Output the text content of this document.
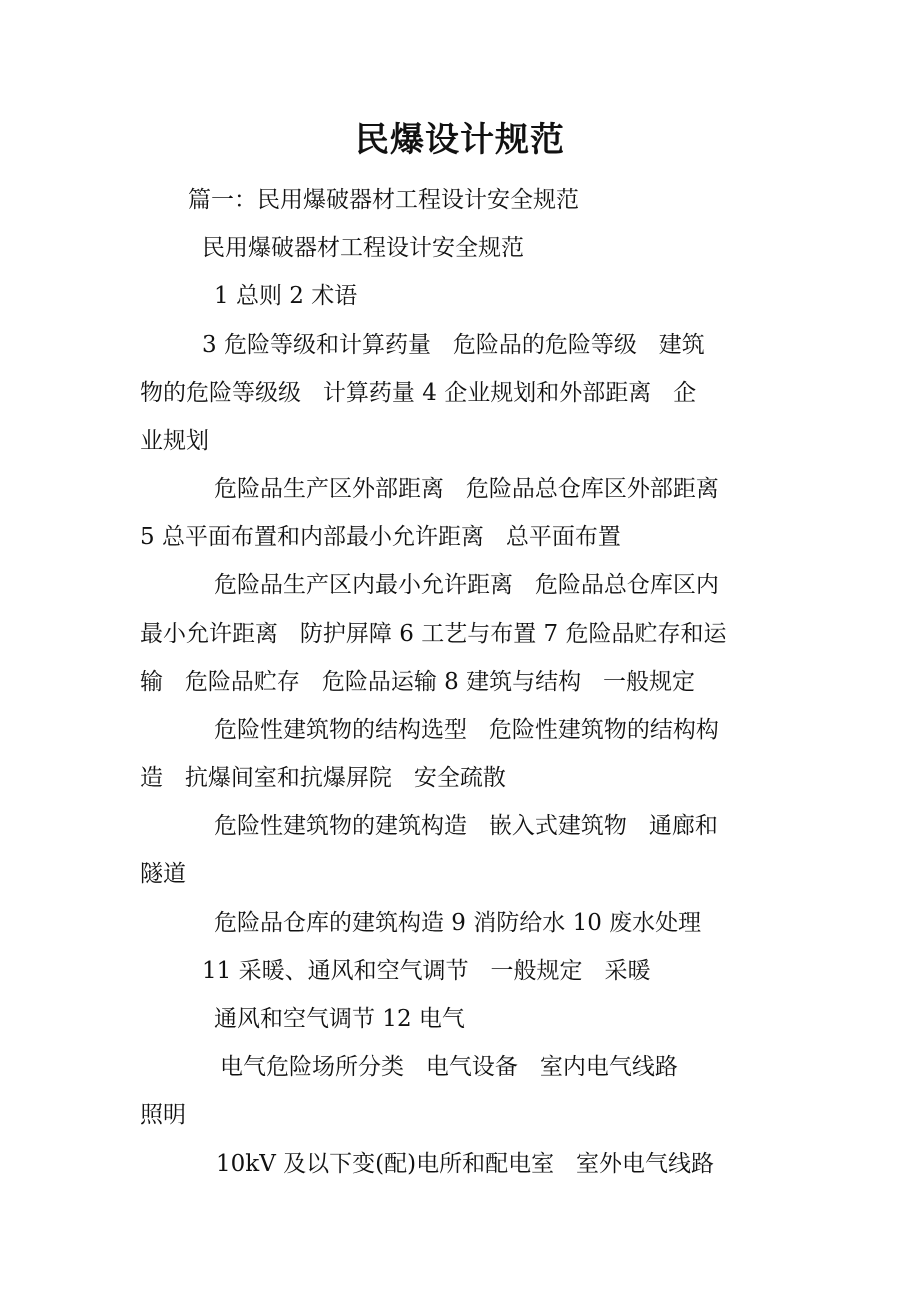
民爆设计规范
篇一：民用爆破器材工程设计安全规范
民用爆破器材工程设计安全规范
1 总则 2 术语
3 危险等级和计算药量   危险品的危险等级   建筑
物的危险等级级   计算药量 4 企业规划和外部距离   企
业规划
危险品生产区外部距离   危险品总仓库区外部距离
5 总平面布置和内部最小允许距离   总平面布置
危险品生产区内最小允许距离   危险品总仓库区内
最小允许距离   防护屏障 6 工艺与布置 7 危险品贮存和运
输   危险品贮存   危险品运输 8 建筑与结构   一般规定
危险性建筑物的结构选型   危险性建筑物的结构构
造   抗爆间室和抗爆屏院   安全疏散
危险性建筑物的建筑构造   嵌入式建筑物   通廊和
隧道
危险品仓库的建筑构造 9 消防给水 10 废水处理
11 采暖、通风和空气调节   一般规定   采暖
通风和空气调节 12 电气
电气危险场所分类   电气设备   室内电气线路
照明
10kV 及以下变(配)电所和配电室   室外电气线路
